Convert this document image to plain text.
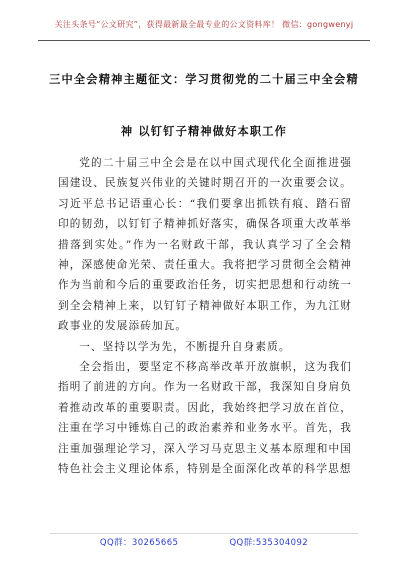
关注头条号“公文研究”，获得最新最全最专业的公文资料库！ 微信：gongwenyj
三中全会精神主题征文：学习贯彻党的二十届三中全会精
神 以钉钉子精神做好本职工作

党的二十届三中全会是在以中国式现代化全面推进强国建设、民族复兴伟业的关键时期召开的一次重要会议。习近平总书记语重心长：“我们要拿出抓铁有痕、踏石留印的韧劲，以钉钉子精神抓好落实，确保各项重大改革举措落到实处。”作为一名财政干部，我认真学习了全会精神，深感使命光荣、责任重大。我将把学习贯彻全会精神作为当前和今后的重要政治任务，切实把思想和行动统一到全会精神上来，以钉钉子精神做好本职工作，为九江财政事业的发展添砖加瓦。

一、坚持以学为先，不断提升自身素质。

全会指出，要坚定不移高举改革开放旗帜，这为我们指明了前进的方向。作为一名财政干部，我深知自身肩负着推动改革的重要职责。因此，我始终把学习放在首位，注重在学习中锤炼自己的政治素养和业务水平。首先，我注重加强理论学习，深入学习马克思主义基本原理和中国特色社会主义理论体系，特别是全面深化改革的科学思想

QQ群：30265665	QQ群:535304092
